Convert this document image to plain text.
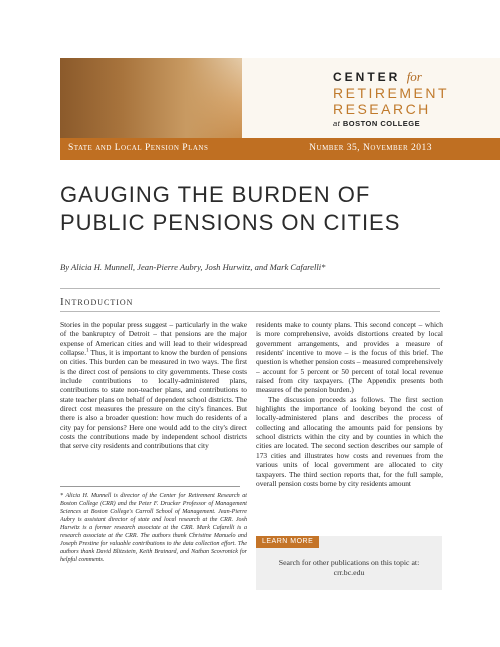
CENTER for
RETIREMENT
RESEARCH
at BOSTON COLLEGE
State and Local Pension Plans	Number 35, November 2013
GAUGING THE BURDEN OF
PUBLIC PENSIONS ON CITIES
By Alicia H. Munnell, Jean-Pierre Aubry, Josh Hurwitz, and Mark Cafarelli*
Introduction

Stories in the popular press suggest – particularly in the wake of the bankruptcy of Detroit – that pensions are the major expense of American cities and will lead to their widespread collapse.$^1$ Thus, it is important to know the burden of pensions on cities. This burden can be measured in two ways. The first is the direct cost of pensions to city governments. These costs include contributions to locally-administered plans, contributions to state non-teacher plans, and contributions to state teacher plans on behalf of dependent school districts. The direct cost measures the pressure on the city's finances. But there is also a broader question: how much do residents of a city pay for pensions? Here one would add to the city's direct costs the contributions made by independent school districts that serve city residents and contributions that city

residents make to county plans. This second concept – which is more comprehensive, avoids distortions created by local government arrangements, and provides a measure of residents' incentive to move – is the focus of this brief. The question is whether pension costs – measured comprehensively – account for 5 percent or 50 percent of total local revenue raised from city taxpayers. (The Appendix presents both measures of the pension burden.)

The discussion proceeds as follows. The first section highlights the importance of looking beyond the cost of locally-administered plans and describes the process of collecting and allocating the amounts paid for pensions by school districts within the city and by counties in which the cities are located. The second section describes our sample of 173 cities and illustrates how costs and revenues from the various units of local government are allocated to city taxpayers. The third section reports that, for the full sample, overall pension costs borne by city residents amount

* Alicia H. Munnell is director of the Center for Retirement Research at Boston College (CRR) and the Peter F. Drucker Professor of Management Sciences at Boston College's Carroll School of Management. Jean-Pierre Aubry is assistant director of state and local research at the CRR. Josh Hurwitz is a former research associate at the CRR. Mark Cafarelli is a research associate at the CRR. The authors thank Christine Manuelo and Joseph Prestine for valuable contributions to the data collection effort. The authors thank David Blitzstein, Keith Brainard, and Nathan Scovronick for helpful comments.

LEARN MORE
Search for other publications on this topic at:
crr.bc.edu
